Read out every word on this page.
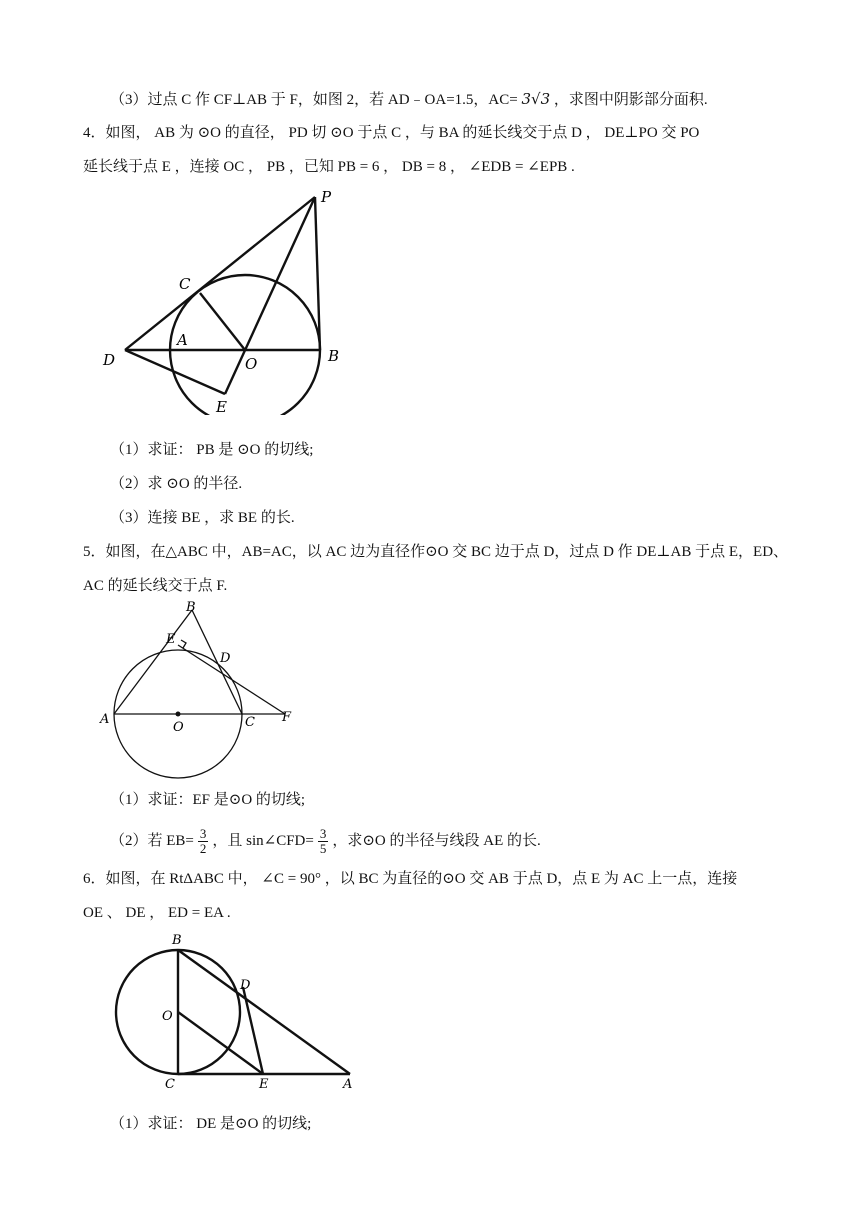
（3）过点 C 作 CF⊥AB 于 F，如图 2，若 AD﹣OA=1.5，AC= 3√3 ，求图中阴影部分面积.
4．如图， AB 为 ⊙O 的直径， PD 切 ⊙O 于点 C ，与 BA 的延长线交于点 D ， DE⊥PO 交 PO
延长线于点 E ，连接 OC ， PB ，已知 PB = 6 ， DB = 8 ， ∠EDB = ∠EPB .
P
C
A
D	O	B
E
（1）求证： PB 是 ⊙O 的切线;
（2）求 ⊙O 的半径.
（3）连接 BE ，求 BE 的长.
5．如图，在△ABC 中，AB=AC，以 AC 边为直径作⊙O 交 BC 边于点 D，过点 D 作 DE⊥AB 于点 E，ED、
AC 的延长线交于点 F.
B
E
D
A
O	C F
（1）求证：EF 是⊙O 的切线;
（2）若 $EB= \frac{3}{2}$ ，且 sin∠CFD= $\frac{3}{5}$ ，求⊙O 的半径与线段 AE 的长.
6．如图，在 RtΔABC 中， ∠C = 90° ，以 BC 为直径的⊙O 交 AB 于点 D，点 E 为 AC 上一点，连接
OE 、 DE ， ED = EA .
B
D
O
C	E	A
（1）求证： DE 是⊙O 的切线;
